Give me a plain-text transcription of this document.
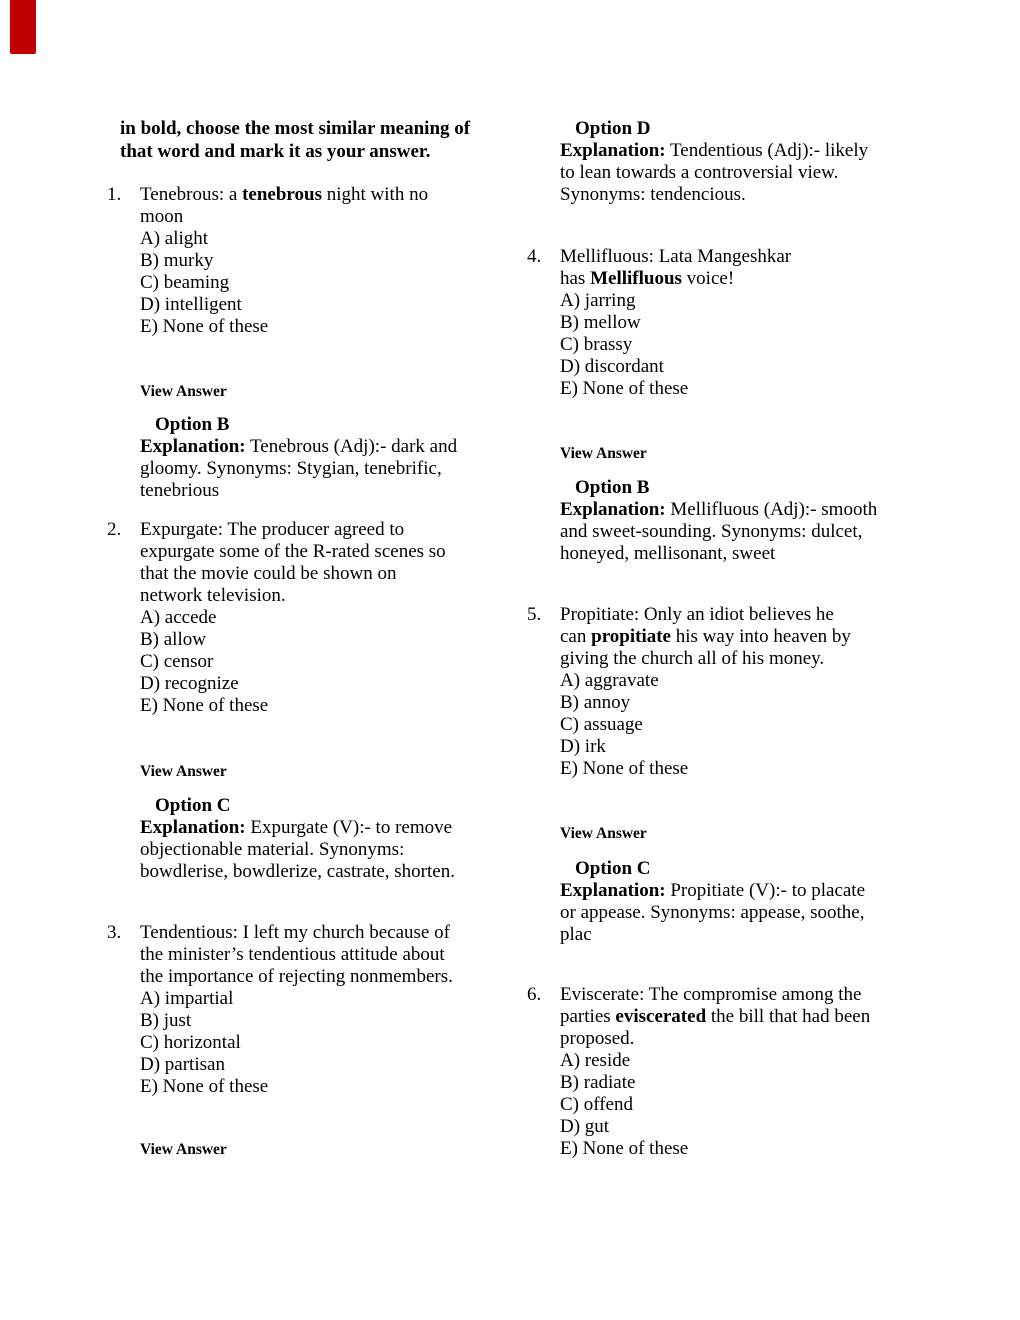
in bold, choose the most similar meaning of
that word and mark it as your answer.
1. Tenebrous: a tenebrous night with no
moon
A) alight
B) murky
C) beaming
D) intelligent
E) None of these
View Answer
Option B
Explanation: Tenebrous (Adj):- dark and
gloomy. Synonyms: Stygian, tenebrific,
tenebrious
2. Expurgate: The producer agreed to
expurgate some of the R-rated scenes so
that the movie could be shown on
network television.
A) accede
B) allow
C) censor
D) recognize
E) None of these
View Answer
Option C
Explanation: Expurgate (V):- to remove
objectionable material. Synonyms:
bowdlerise, bowdlerize, castrate, shorten.
3. Tendentious: I left my church because of
the minister’s tendentious attitude about
the importance of rejecting nonmembers.
A) impartial
B) just
C) horizontal
D) partisan
E) None of these
View Answer
Option D
Explanation: Tendentious (Adj):- likely
to lean towards a controversial view.
Synonyms: tendencious.
4. Mellifluous: Lata Mangeshkar
has Mellifluous voice!
A) jarring
B) mellow
C) brassy
D) discordant
E) None of these
View Answer
Option B
Explanation: Mellifluous (Adj):- smooth
and sweet-sounding. Synonyms: dulcet,
honeyed, mellisonant, sweet
5. Propitiate: Only an idiot believes he
can propitiate his way into heaven by
giving the church all of his money.
A) aggravate
B) annoy
C) assuage
D) irk
E) None of these
View Answer
Option C
Explanation: Propitiate (V):- to placate
or appease. Synonyms: appease, soothe,
plac
6. Eviscerate: The compromise among the
parties eviscerated the bill that had been
proposed.
A) reside
B) radiate
C) offend
D) gut
E) None of these
